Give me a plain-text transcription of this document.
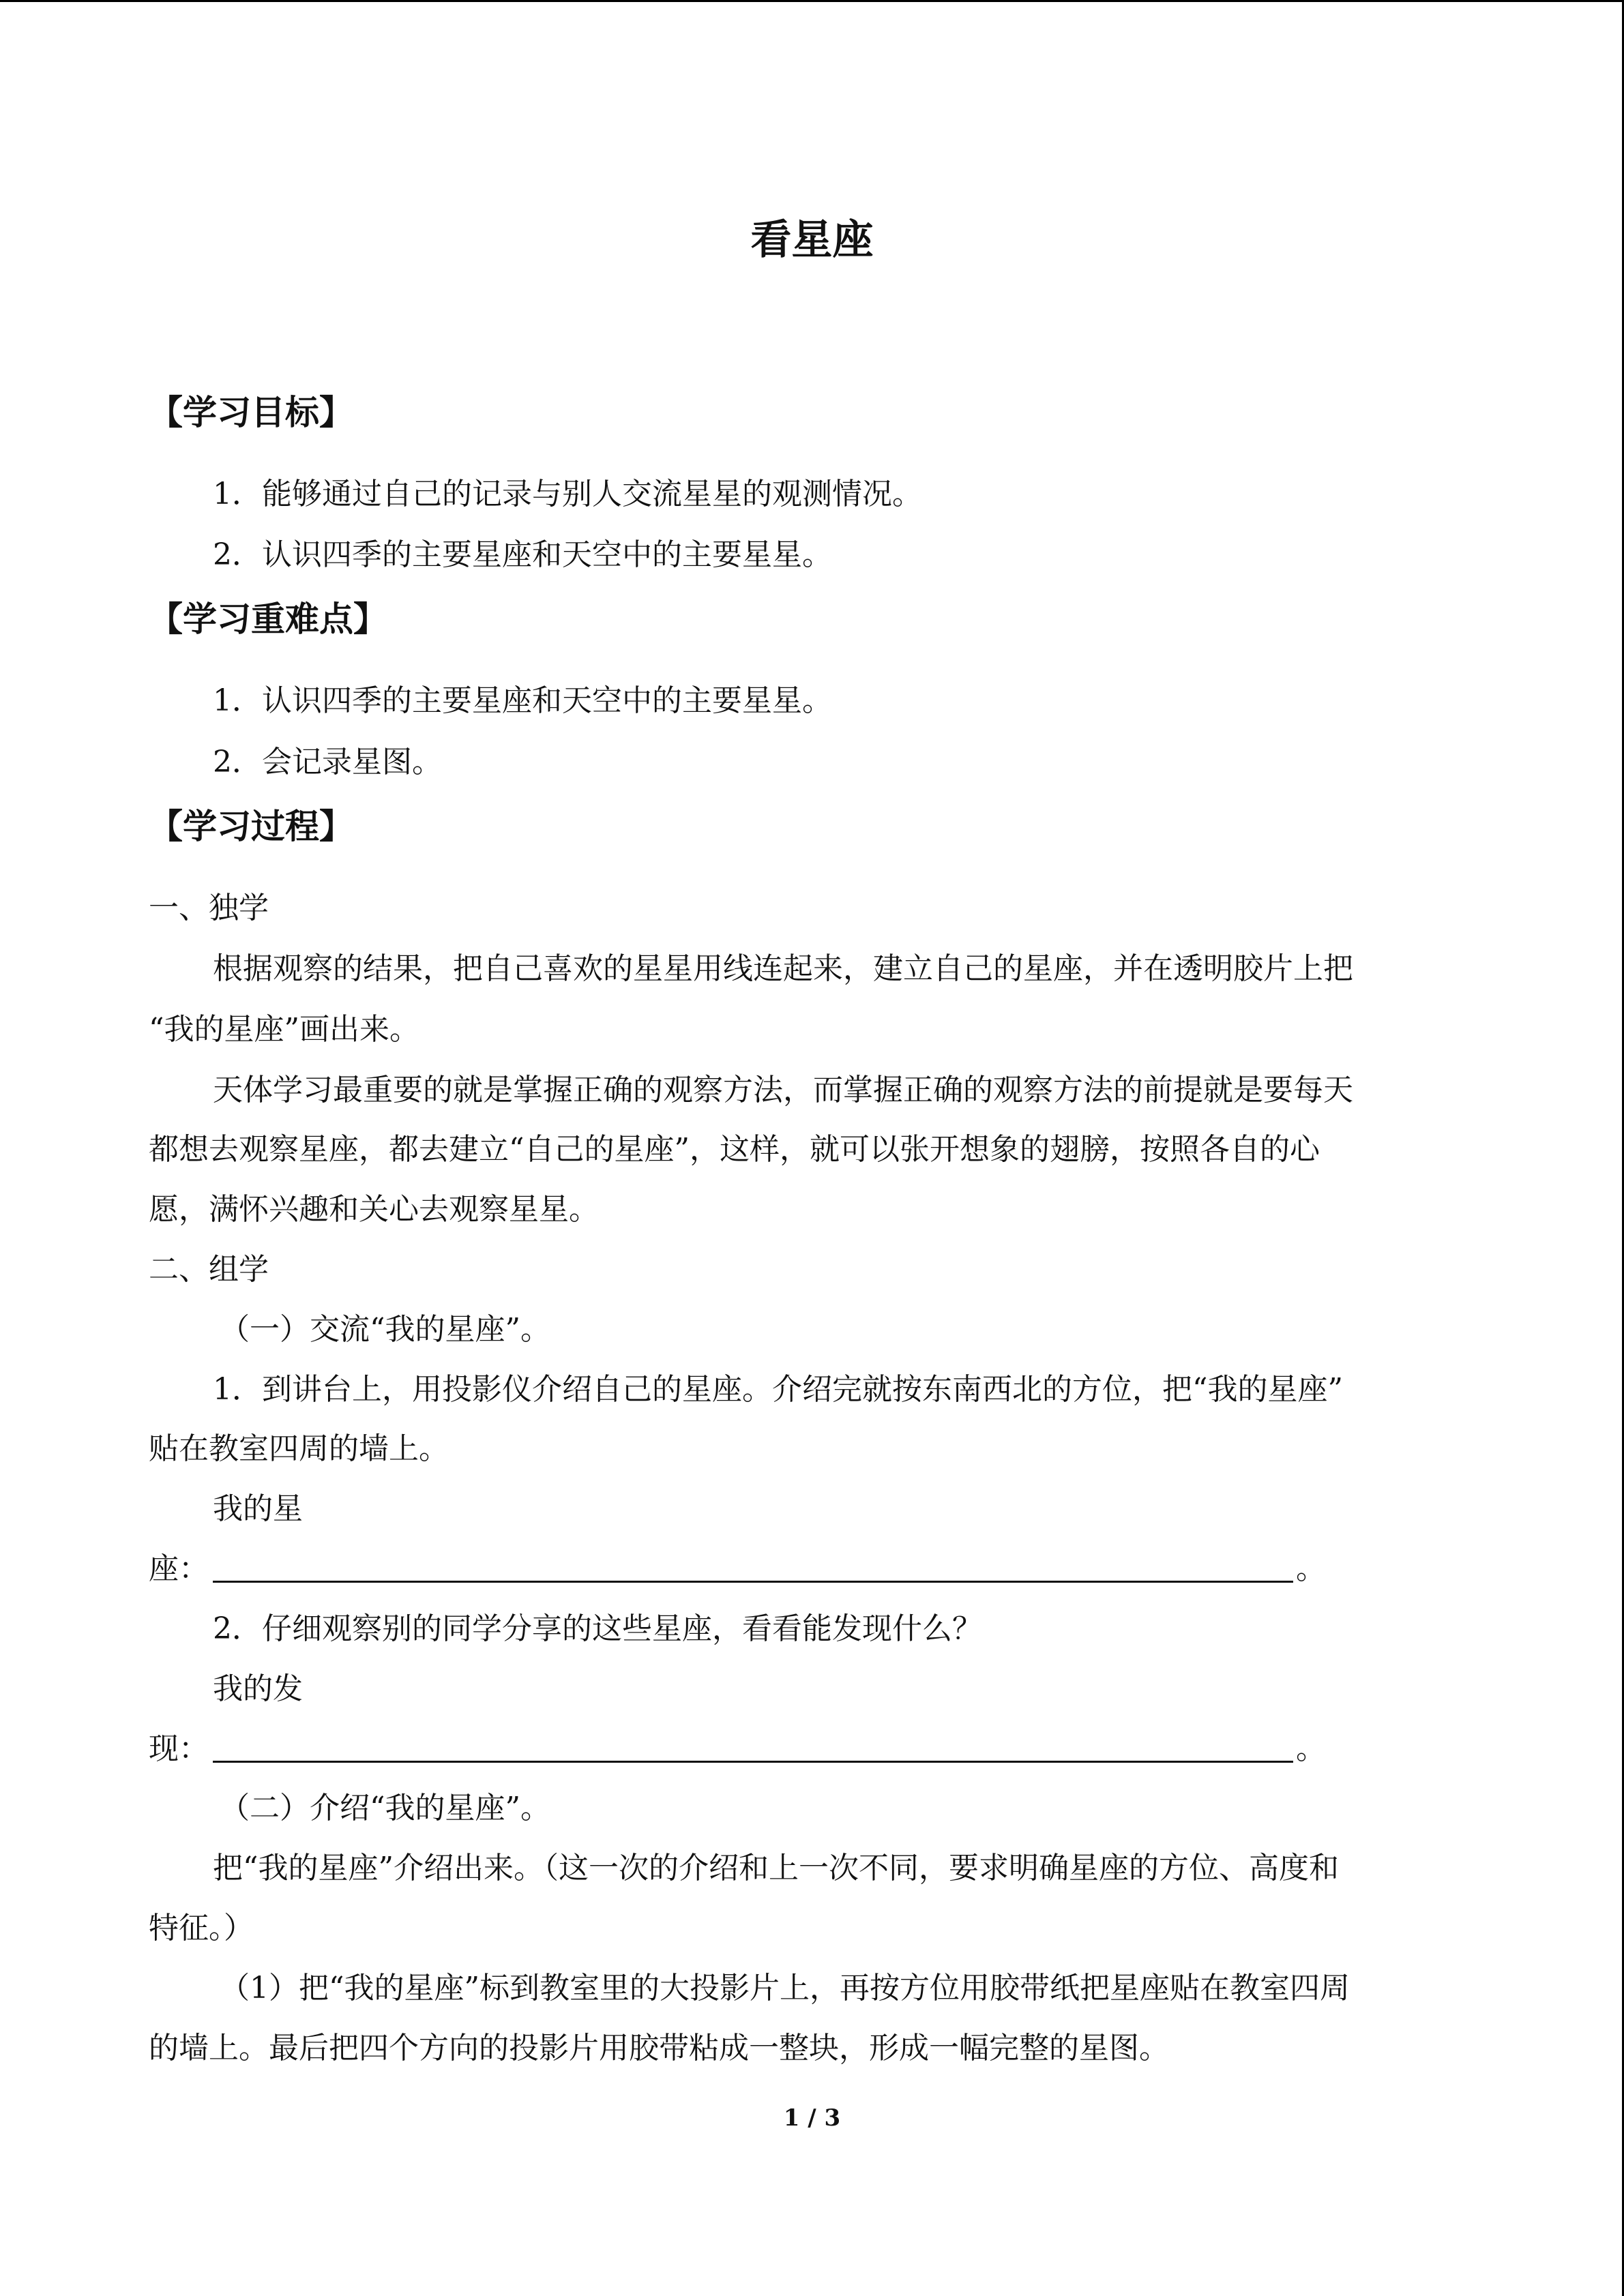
看星座
【学习目标】
1．能够通过自己的记录与别人交流星星的观测情况。
2．认识四季的主要星座和天空中的主要星星。
【学习重难点】
1．认识四季的主要星座和天空中的主要星星。
2．会记录星图。
【学习过程】
一、独学
根据观察的结果，把自己喜欢的星星用线连起来，建立自己的星座，并在透明胶片上把
“我的星座”画出来。
天体学习最重要的就是掌握正确的观察方法，而掌握正确的观察方法的前提就是要每天
都想去观察星座，都去建立“自己的星座”，这样，就可以张开想象的翅膀，按照各自的心
愿，满怀兴趣和关心去观察星星。
二、组学
（一）交流“我的星座”。
1．到讲台上，用投影仪介绍自己的星座。介绍完就按东南西北的方位，把“我的星座”
贴在教室四周的墙上。
我的星
座：	。
2．仔细观察别的同学分享的这些星座，看看能发现什么？
我的发
现：	。
（二）介绍“我的星座”。
把“我的星座”介绍出来。（这一次的介绍和上一次不同，要求明确星座的方位、高度和
特征。）
（1）把“我的星座”标到教室里的大投影片上，再按方位用胶带纸把星座贴在教室四周
的墙上。最后把四个方向的投影片用胶带粘成一整块，形成一幅完整的星图。
1 / 3
